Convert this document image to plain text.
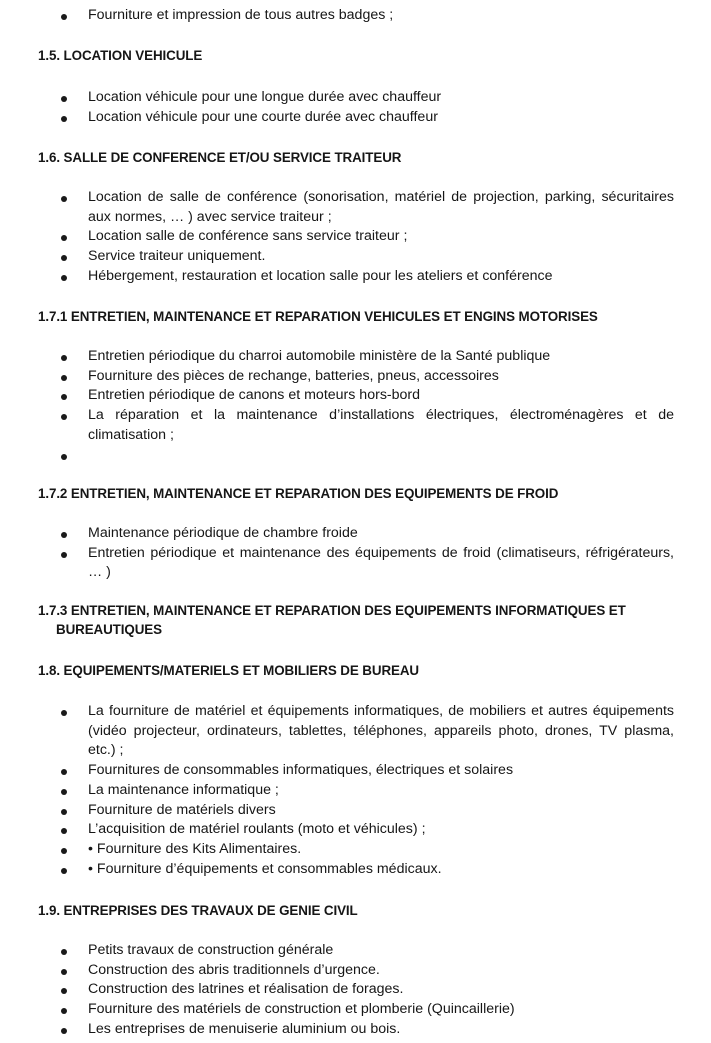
Fourniture et impression de tous autres badges ;
1.5. LOCATION VEHICULE
Location véhicule pour une longue durée avec chauffeur
Location véhicule pour une courte durée avec chauffeur
1.6. SALLE DE CONFERENCE ET/OU SERVICE TRAITEUR
Location de salle de conférence (sonorisation, matériel de projection, parking, sécuritaires aux normes, … ) avec service traiteur ;
Location salle de conférence sans service traiteur ;
Service traiteur uniquement.
Hébergement, restauration et location salle pour les ateliers et conférence
1.7.1 ENTRETIEN, MAINTENANCE ET REPARATION VEHICULES ET ENGINS MOTORISES
Entretien périodique du charroi automobile ministère de la Santé publique
Fourniture des pièces de rechange, batteries, pneus, accessoires
Entretien périodique de canons et moteurs hors-bord
La réparation et la maintenance d’installations électriques, électroménagères et de climatisation ;
1.7.2 ENTRETIEN, MAINTENANCE ET REPARATION DES EQUIPEMENTS DE FROID
Maintenance périodique de chambre froide
Entretien périodique et maintenance des équipements de froid (climatiseurs, réfrigérateurs, … )
1.7.3 ENTRETIEN, MAINTENANCE ET REPARATION DES EQUIPEMENTS INFORMATIQUES ET
BUREAUTIQUES
1.8. EQUIPEMENTS/MATERIELS ET MOBILIERS DE BUREAU
La fourniture de matériel et équipements informatiques, de mobiliers et autres équipements (vidéo projecteur, ordinateurs, tablettes, téléphones, appareils photo, drones, TV plasma, etc.) ;
Fournitures de consommables informatiques, électriques et solaires
La maintenance informatique ;
Fourniture de matériels divers
L’acquisition de matériel roulants (moto et véhicules) ;
• Fourniture des Kits Alimentaires.
• Fourniture d’équipements et consommables médicaux.
1.9. ENTREPRISES DES TRAVAUX DE GENIE CIVIL
Petits travaux de construction générale
Construction des abris traditionnels d’urgence.
Construction des latrines et réalisation de forages.
Fourniture des matériels de construction et plomberie (Quincaillerie)
Les entreprises de menuiserie aluminium ou bois.
